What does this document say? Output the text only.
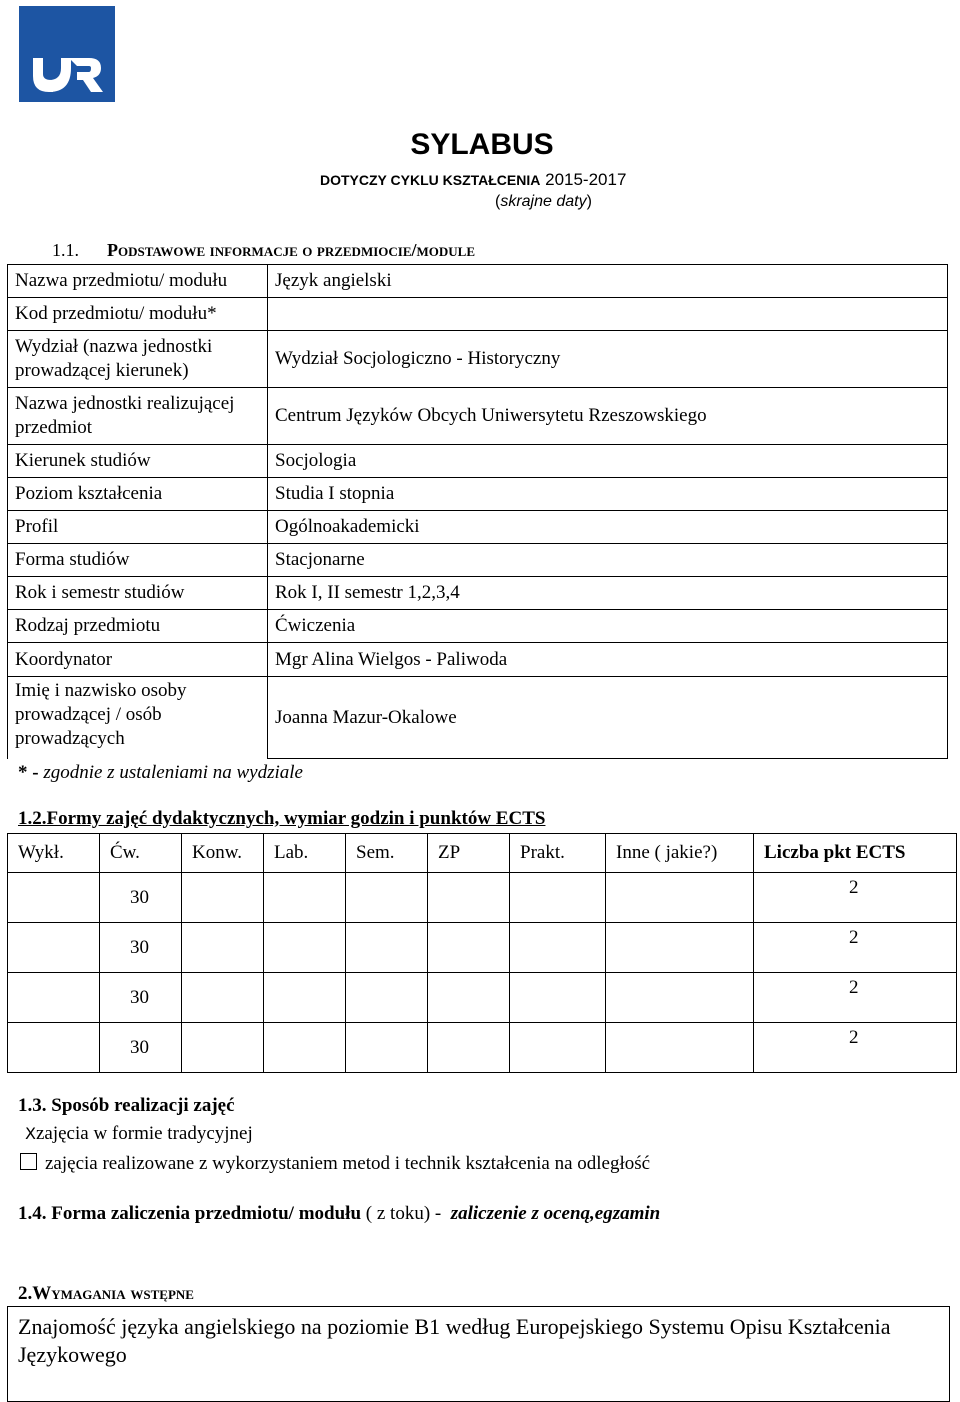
SYLABUS
DOTYCZY CYKLU KSZTAŁCENIA 2015-2017
(skrajne daty)
1.1. Podstawowe informacje o przedmiocie/module
Nazwa przedmiotu/ modułu	Język angielski
Kod przedmiotu/ modułu*	
Wydział (nazwa jednostki prowadzącej kierunek)	Wydział Socjologiczno - Historyczny
Nazwa jednostki realizującej przedmiot	Centrum Języków Obcych Uniwersytetu Rzeszowskiego
Kierunek studiów	Socjologia
Poziom kształcenia	Studia I stopnia
Profil	Ogólnoakademicki
Forma studiów	Stacjonarne
Rok i semestr studiów	Rok I, II semestr 1,2,3,4
Rodzaj przedmiotu	Ćwiczenia
Koordynator	Mgr Alina Wielgos - Paliwoda
Imię i nazwisko osoby prowadzącej / osób prowadzących	Joanna Mazur-Okalowe
* - zgodnie z ustaleniami na wydziale
1.2.Formy zajęć dydaktycznych, wymiar godzin i punktów ECTS
Wykł.	Ćw.	Konw.	Lab.	Sem.	ZP	Prakt.	Inne ( jakie?)	Liczba pkt ECTS
	30							2
	30							2
	30							2
	30							2
1.3. Sposób realizacji zajęć
Xzajęcia w formie tradycyjnej
zajęcia realizowane z wykorzystaniem metod i technik kształcenia na odległość
1.4. Forma zaliczenia przedmiotu/ modułu ( z toku) -  zaliczenie z oceną,egzamin
2.Wymagania wstępne
Znajomość języka angielskiego na poziomie B1 według Europejskiego Systemu Opisu Kształcenia Językowego
